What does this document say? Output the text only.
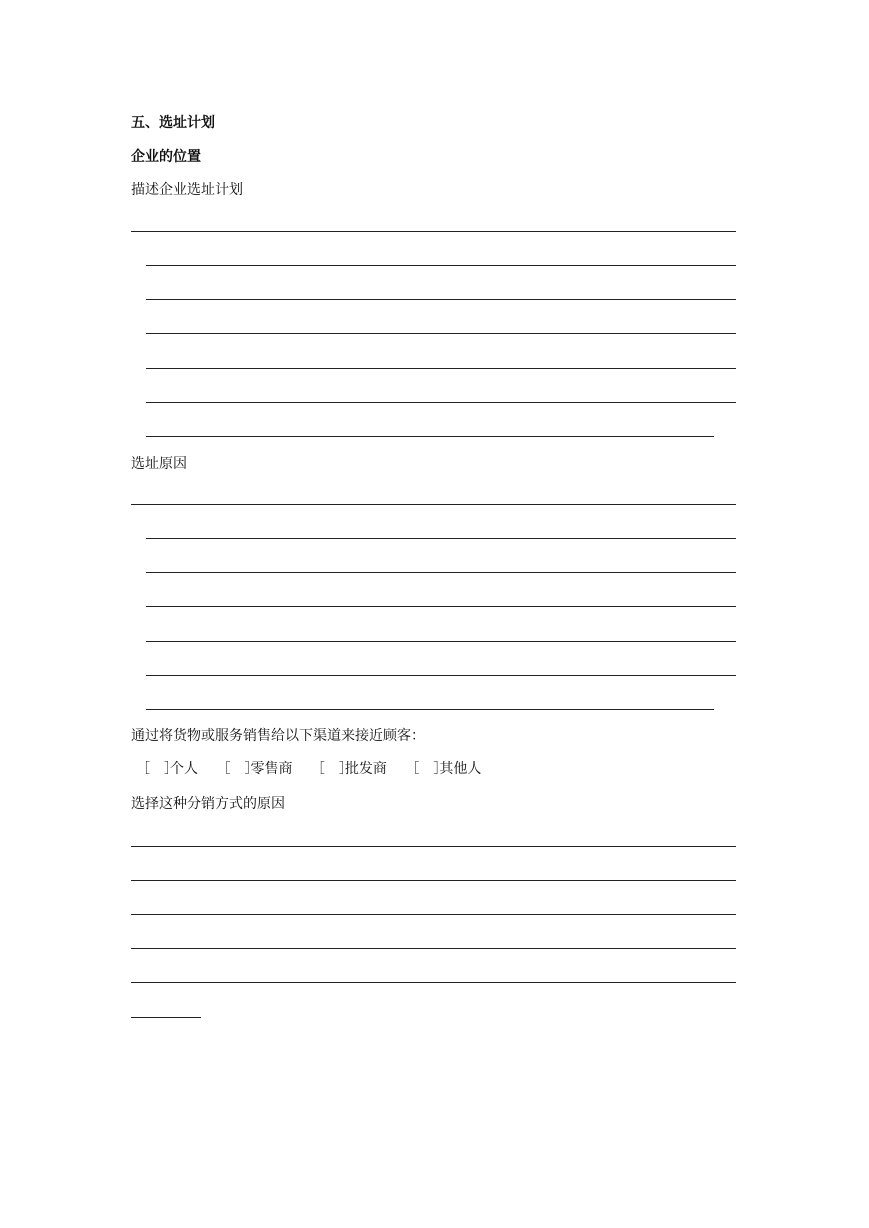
五、选址计划
企业的位置
描述企业选址计划
选址原因
通过将货物或服务销售给以下渠道来接近顾客：
［　］个人 ［　］零售商 ［　］批发商 ［　］其他人
选择这种分销方式的原因
